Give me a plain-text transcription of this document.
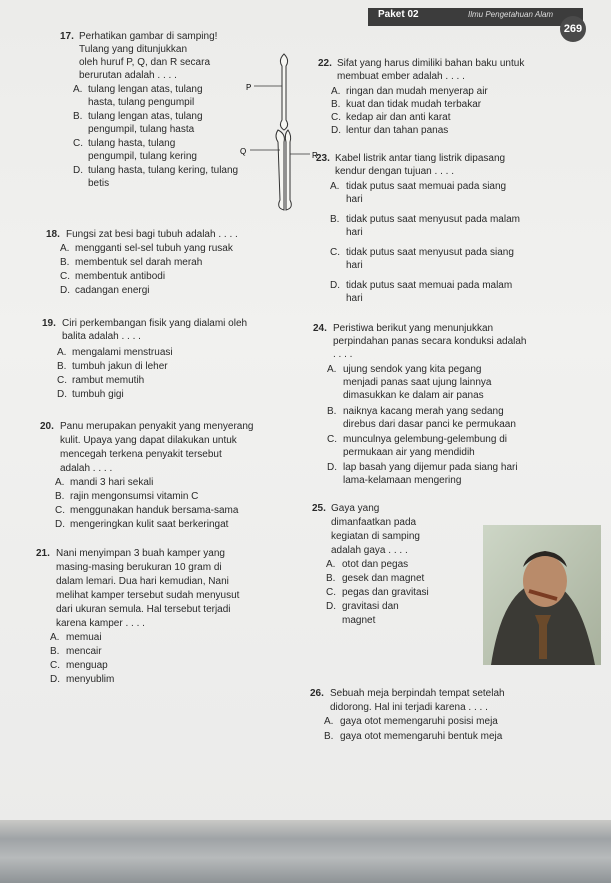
Paket 02	Ilmu Pengetahuan Alam
269
17. Perhatikan gambar di samping!
Tulang yang ditunjukkan
oleh huruf P, Q, dan R secara
berurutan adalah . . . .
A. tulang lengan atas, tulang
hasta, tulang pengumpil
B. tulang lengan atas, tulang
pengumpil, tulang hasta
C. tulang hasta, tulang
pengumpil, tulang kering
D. tulang hasta, tulang kering, tulang
betis
P
Q	R
18. Fungsi zat besi bagi tubuh adalah . . . .
A. mengganti sel-sel tubuh yang rusak
B. membentuk sel darah merah
C. membentuk antibodi
D. cadangan energi
19. Ciri perkembangan fisik yang dialami oleh
balita adalah . . . .
A. mengalami menstruasi
B. tumbuh jakun di leher
C. rambut memutih
D. tumbuh gigi
20. Panu merupakan penyakit yang menyerang
kulit. Upaya yang dapat dilakukan untuk
mencegah terkena penyakit tersebut
adalah . . . .
A. mandi 3 hari sekali
B. rajin mengonsumsi vitamin C
C. menggunakan handuk bersama-sama
D. mengeringkan kulit saat berkeringat
21. Nani menyimpan 3 buah kamper yang
masing-masing berukuran 10 gram di
dalam lemari. Dua hari kemudian, Nani
melihat kamper tersebut sudah menyusut
dari ukuran semula. Hal tersebut terjadi
karena kamper . . . .
A. memuai
B. mencair
C. menguap
D. menyublim
22. Sifat yang harus dimiliki bahan baku untuk
membuat ember adalah . . . .
A. ringan dan mudah menyerap air
B. kuat dan tidak mudah terbakar
C. kedap air dan anti karat
D. lentur dan tahan panas
23. Kabel listrik antar tiang listrik dipasang
kendur dengan tujuan . . . .
A. tidak putus saat memuai pada siang
hari
B. tidak putus saat menyusut pada malam
hari
C. tidak putus saat menyusut pada siang
hari
D. tidak putus saat memuai pada malam
hari
24. Peristiwa berikut yang menunjukkan
perpindahan panas secara konduksi adalah
. . . .
A. ujung sendok yang kita pegang
menjadi panas saat ujung lainnya
dimasukkan ke dalam air panas
B. naiknya kacang merah yang sedang
direbus dari dasar panci ke permukaan
C. munculnya gelembung-gelembung di
permukaan air yang mendidih
D. lap basah yang dijemur pada siang hari
lama-kelamaan mengering
25. Gaya yang
dimanfaatkan pada
kegiatan di samping
adalah gaya . . . .
A. otot dan pegas
B. gesek dan magnet
C. pegas dan gravitasi
D. gravitasi dan
magnet
26. Sebuah meja berpindah tempat setelah
didorong. Hal ini terjadi karena . . . .
A. gaya otot memengaruhi posisi meja
B. gaya otot memengaruhi bentuk meja
